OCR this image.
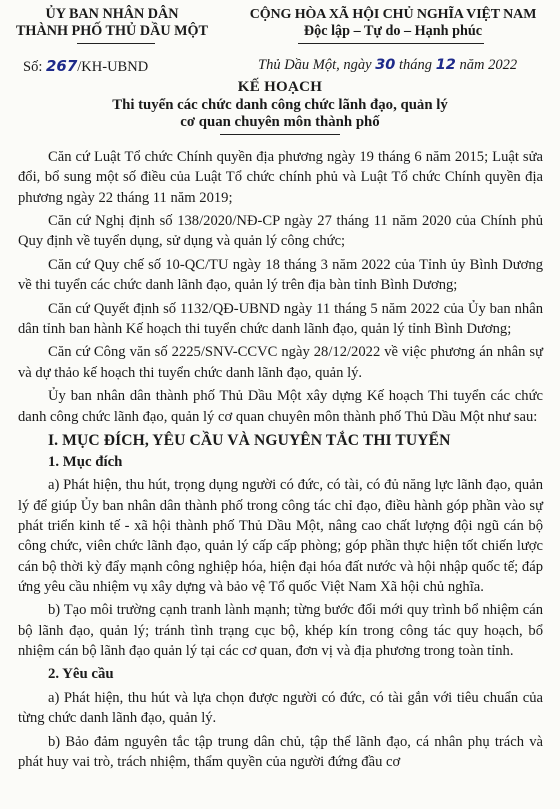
ỦY BAN NHÂN DÂN
THÀNH PHỐ THỦ DẦU MỘT
CỘNG HÒA XÃ HỘI CHỦ NGHĨA VIỆT NAM
Độc lập – Tự do – Hạnh phúc
Số: 267/KH-UBND	Thủ Dầu Một, ngày 30 tháng 12 năm 2022
KẾ HOẠCH
Thi tuyển các chức danh công chức lãnh đạo, quản lý
cơ quan chuyên môn thành phố

Căn cứ Luật Tổ chức Chính quyền địa phương ngày 19 tháng 6 năm 2015; Luật sửa đổi, bổ sung một số điều của Luật Tổ chức chính phủ và Luật Tổ chức Chính quyền địa phương ngày 22 tháng 11 năm 2019;

Căn cứ Nghị định số 138/2020/NĐ-CP ngày 27 tháng 11 năm 2020 của Chính phủ Quy định về tuyển dụng, sử dụng và quản lý công chức;

Căn cứ Quy chế số 10-QC/TU ngày 18 tháng 3 năm 2022 của Tỉnh ủy Bình Dương về thi tuyển các chức danh lãnh đạo, quản lý trên địa bàn tỉnh Bình Dương;

Căn cứ Quyết định số 1132/QĐ-UBND ngày 11 tháng 5 năm 2022 của Ủy ban nhân dân tỉnh ban hành Kế hoạch thi tuyển chức danh lãnh đạo, quản lý tỉnh Bình Dương;

Căn cứ Công văn số 2225/SNV-CCVC ngày 28/12/2022 về việc phương án nhân sự và dự thảo kế hoạch thi tuyển chức danh lãnh đạo, quản lý.

Ủy ban nhân dân thành phố Thủ Dầu Một xây dựng Kế hoạch Thi tuyển các chức danh công chức lãnh đạo, quản lý cơ quan chuyên môn thành phố Thủ Dầu Một như sau:

I. MỤC ĐÍCH, YÊU CẦU VÀ NGUYÊN TẮC THI TUYỂN
1. Mục đích

a) Phát hiện, thu hút, trọng dụng người có đức, có tài, có đủ năng lực lãnh đạo, quản lý để giúp Ủy ban nhân dân thành phố trong công tác chỉ đạo, điều hành góp phần vào sự phát triển kinh tế - xã hội thành phố Thủ Dầu Một, nâng cao chất lượng đội ngũ cán bộ công chức, viên chức lãnh đạo, quản lý cấp cấp phòng; góp phần thực hiện tốt chiến lược cán bộ thời kỳ đẩy mạnh công nghiệp hóa, hiện đại hóa đất nước và hội nhập quốc tế; đáp ứng yêu cầu nhiệm vụ xây dựng và bảo vệ Tổ quốc Việt Nam Xã hội chủ nghĩa.

b) Tạo môi trường cạnh tranh lành mạnh; từng bước đổi mới quy trình bổ nhiệm cán bộ lãnh đạo, quản lý; tránh tình trạng cục bộ, khép kín trong công tác quy hoạch, bổ nhiệm cán bộ lãnh đạo quản lý tại các cơ quan, đơn vị và địa phương trong toàn tỉnh.

2. Yêu cầu

a) Phát hiện, thu hút và lựa chọn được người có đức, có tài gắn với tiêu chuẩn của từng chức danh lãnh đạo, quản lý.

b) Bảo đảm nguyên tắc tập trung dân chủ, tập thể lãnh đạo, cá nhân phụ trách và phát huy vai trò, trách nhiệm, thẩm quyền của người đứng đầu cơ
